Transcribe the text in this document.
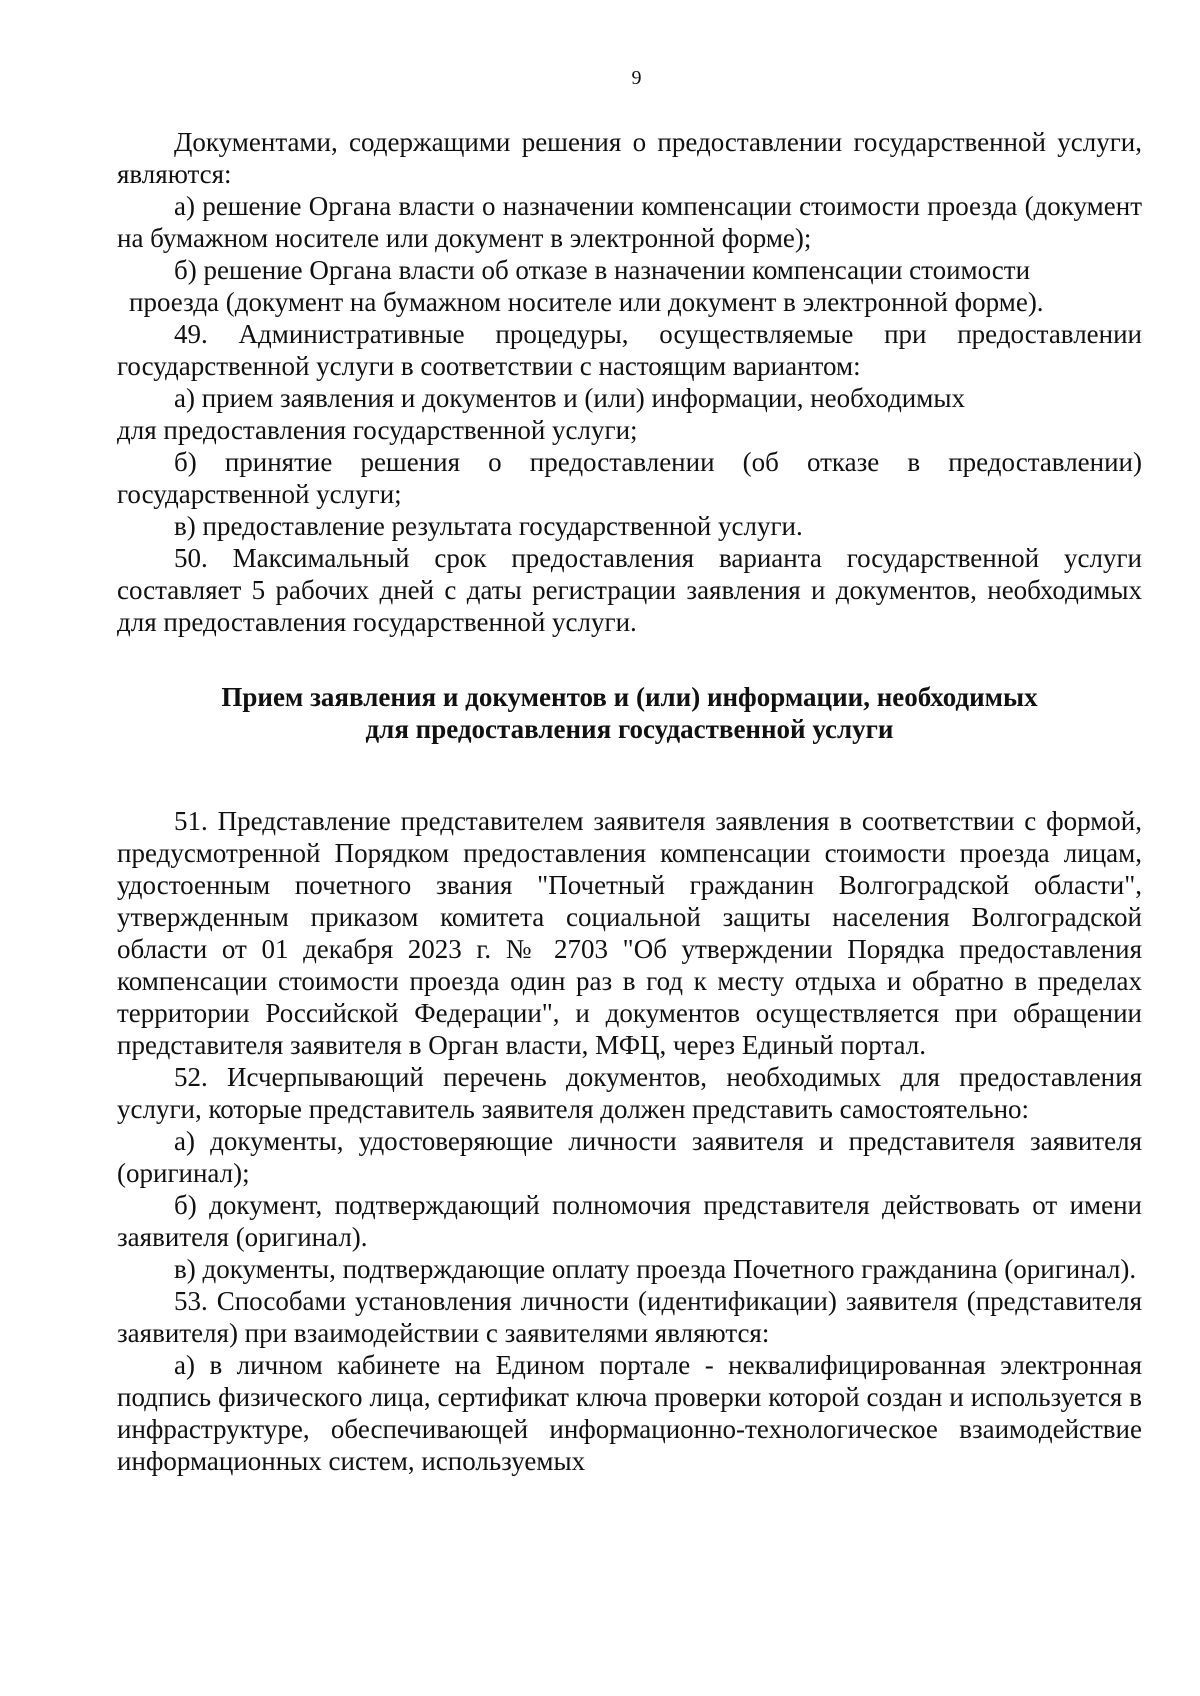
9

Документами, содержащими решения о предоставлении государственной услуги, являются:

а) решение Органа власти о назначении компенсации стоимости проезда (документ на бумажном носителе или документ в электронной форме);

б) решение Органа власти об отказе в назначении компенсации стоимости

проезда (документ на бумажном носителе или документ в электронной форме).

49. Административные процедуры, осуществляемые при предоставлении государственной услуги в соответствии с настоящим вариантом:

а) прием заявления и документов и (или) информации, необходимых

для предоставления государственной услуги;

б) принятие решения о предоставлении (об отказе в предоставлении) государственной услуги;

в) предоставление результата государственной услуги.

50. Максимальный срок предоставления варианта государственной услуги составляет 5 рабочих дней с даты регистрации заявления и документов, необходимых для предоставления государственной услуги.

Прием заявления и документов и (или) информации, необходимых
для предоставления госудаственной услуги

51. Представление представителем заявителя заявления в соответствии с формой, предусмотренной Порядком предоставления компенсации стоимости проезда лицам, удостоенным почетного звания "Почетный гражданин Волгоградской области", утвержденным приказом комитета социальной защиты населения Волгоградской области от 01 декабря 2023 г. № 2703 "Об утверждении Порядка предоставления компенсации стоимости проезда один раз в год к месту отдыха и обратно в пределах территории Российской Федерации", и документов осуществляется при обращении представителя заявителя в Орган власти, МФЦ, через Единый портал.

52. Исчерпывающий перечень документов, необходимых для предоставления услуги, которые представитель заявителя должен представить самостоятельно:

а) документы, удостоверяющие личности заявителя и представителя заявителя (оригинал);

б) документ, подтверждающий полномочия представителя действовать от имени заявителя (оригинал).

в) документы, подтверждающие оплату проезда Почетного гражданина (оригинал).

53. Способами установления личности (идентификации) заявителя (представителя заявителя) при взаимодействии с заявителями являются:

а) в личном кабинете на Едином портале - неквалифицированная электронная подпись физического лица, сертификат ключа проверки которой создан и используется в инфраструктуре, обеспечивающей информационно-технологическое взаимодействие информационных систем, используемых
